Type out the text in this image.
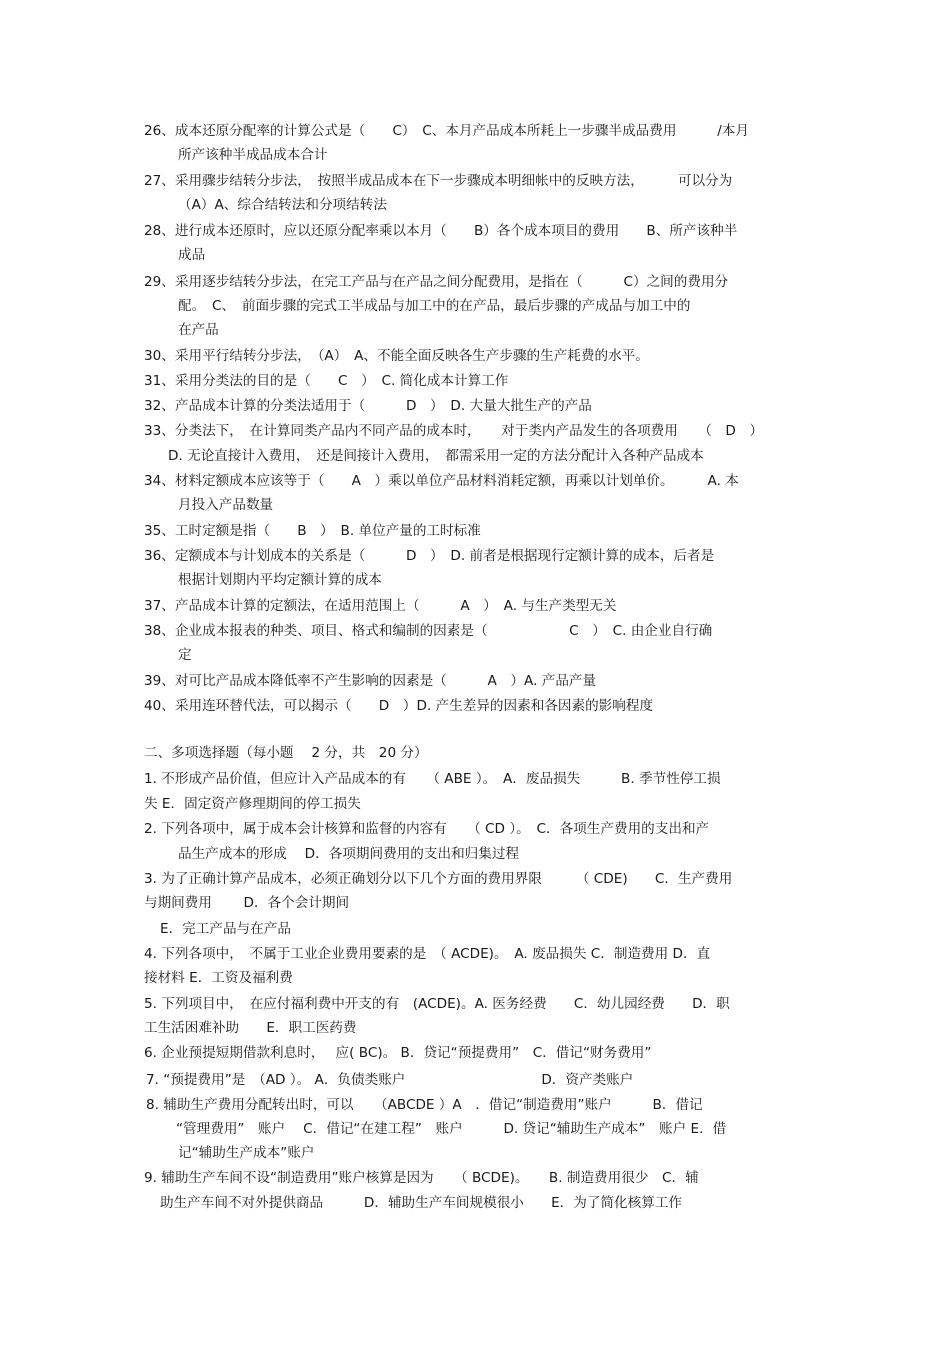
26、成本还原分配率的计算公式是（　　C）　C、本月产品成本所耗上一步骤半成品费用　　　/本月
所产该种半成品成本合计
27、采用骤步结转分步法，　按照半成品成本在下一步骤成本明细帐中的反映方法，　　　可以分为
（A）A、综合结转法和分项结转法
28、进行成本还原时，应以还原分配率乘以本月（　　B）各个成本项目的费用　　B、所产该种半
成品
29、采用逐步结转分步法，在完工产品与在产品之间分配费用，是指在（　　　C）之间的费用分
配。　C、　前面步骤的完式工半成品与加工中的在产品，最后步骤的产成品与加工中的
在产品
30、采用平行结转分步法，　（A）　A、不能全面反映各生产步骤的生产耗费的水平。
31、采用分类法的目的是（　　C　）　C. 简化成本计算工作
32、产品成本计算的分类法适用于（　　　D　）　D. 大量大批生产的产品
33、分类法下，　在计算同类产品内不同产品的成本时，　　对于类内产品发生的各项费用　　（　D　）
D. 无论直接计入费用，　还是间接计入费用，　都需采用一定的方法分配计入各种产品成本
34、材料定额成本应该等于（　　A　）乘以单位产品材料消耗定额，再乘以计划单价。　　　A. 本
月投入产品数量
35、工时定额是指（　　B　）　B. 单位产量的工时标准
36、定额成本与计划成本的关系是（　　　D　）　D. 前者是根据现行定额计算的成本，后者是
根据计划期内平均定额计算的成本
37、产品成本计算的定额法，在适用范围上（　　　A　）　A. 与生产类型无关
38、企业成本报表的种类、项目、格式和编制的因素是（　　　　　　C　）　C. 由企业自行确
定
39、对可比产品成本降低率不产生影响的因素是（　　　A　）A. 产品产量
40、采用连环替代法，可以揭示（　　D　）D. 产生差异的因素和各因素的影响程度
二、多项选择题（每小题　 2 分，共　20 分）
1. 不形成产品价值，但应计入产品成本的有　　（ ABE ）。　A．废品损失　　　B. 季节性停工损
失 E．固定资产修理期间的停工损失
2. 下列各项中，属于成本会计核算和监督的内容有　　（ CD ）。　C．各项生产费用的支出和产
品生产成本的形成　 D．各项期间费用的支出和归集过程
3. 为了正确计算产品成本，必须正确划分以下几个方面的费用界限　　　（ CDE)　　C．生产费用
与期间费用　　 D．各个会计期间
E．完工产品与在产品
4. 下列各项中，　不属于工业企业费用要素的是　（ ACDE)。　A. 废品损失 C．制造费用 D．直
接材料 E．工资及福利费
5. 下列项目中，　在应付福利费中开支的有　(ACDE)。A. 医务经费　　C．幼儿园经费　　D．职
工生活困难补助　　E．职工医药费
6. 企业预提短期借款利息时，　 应( BC)。 B．贷记“预提费用”　C．借记“财务费用”
7. “预提费用”是　（AD ）。 A．负债类账户　　　　　　　　　　D．资产类账户
8. 辅助生产费用分配转出时，可以　　（ABCDE ）A　．借记“制造费用”账户　　　B．借记
“管理费用”　账户　 C．借记“在建工程”　账户　　　D. 贷记“辅助生产成本”　账户 E．借
记“辅助生产成本”账户
9. 辅助生产车间不设“制造费用”账户核算是因为　　（ BCDE)。　　B. 制造费用很少　C．辅
助生产车间不对外提供商品　　　D．辅助生产车间规模很小　　E．为了简化核算工作
